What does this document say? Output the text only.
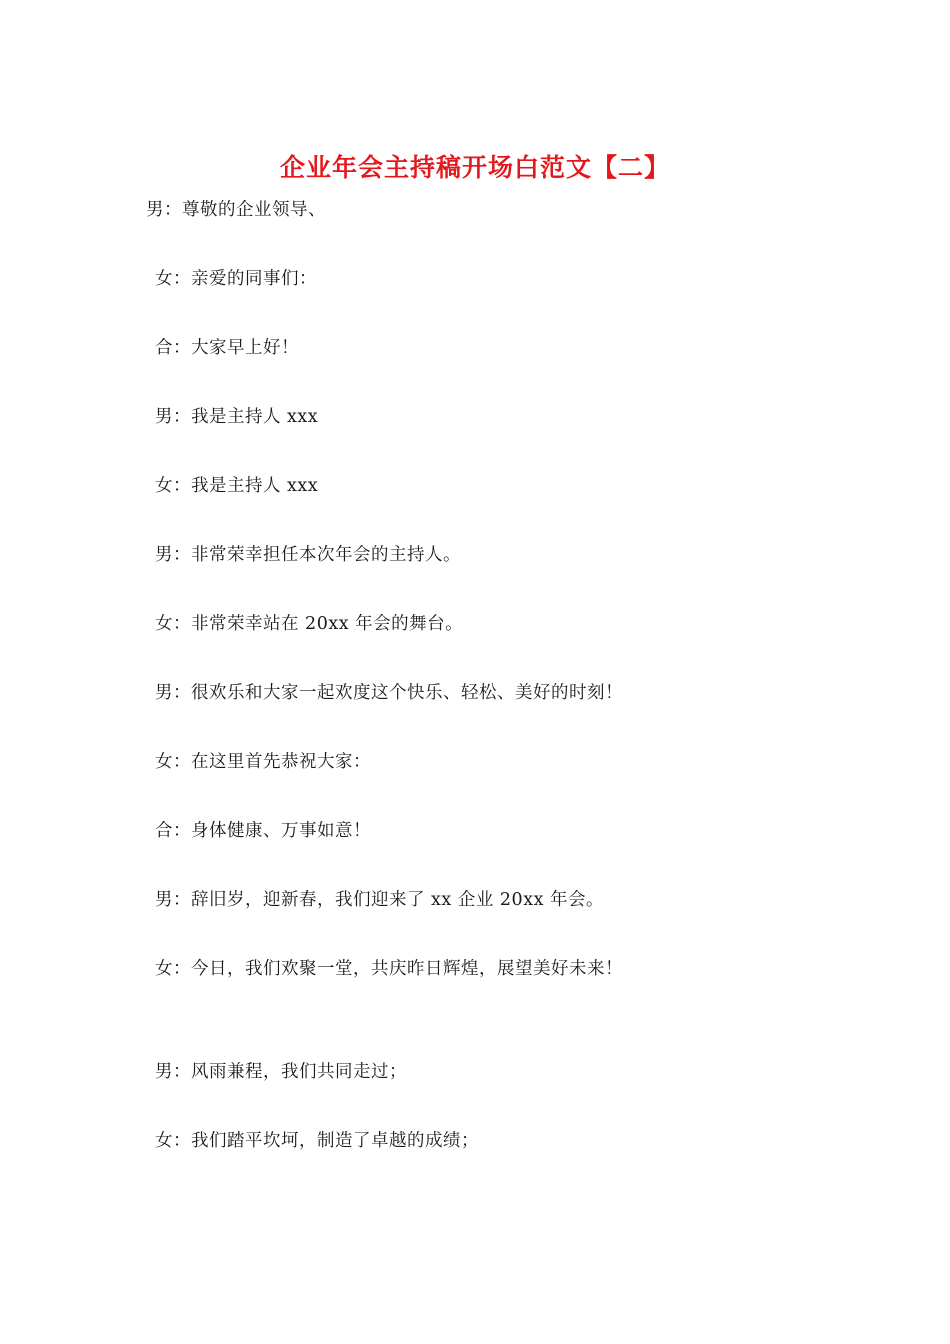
企业年会主持稿开场白范文【二】
男：尊敬的企业领导、
女：亲爱的同事们：
合：大家早上好！
男：我是主持人 xxx
女：我是主持人 xxx
男：非常荣幸担任本次年会的主持人。
女：非常荣幸站在 20xx 年会的舞台。
男：很欢乐和大家一起欢度这个快乐、轻松、美好的时刻！
女：在这里首先恭祝大家：
合：身体健康、万事如意！
男：辞旧岁，迎新春，我们迎来了 xx 企业 20xx 年会。
女：今日，我们欢聚一堂，共庆昨日辉煌，展望美好未来！
男：风雨兼程，我们共同走过；
女：我们踏平坎坷，制造了卓越的成绩；
